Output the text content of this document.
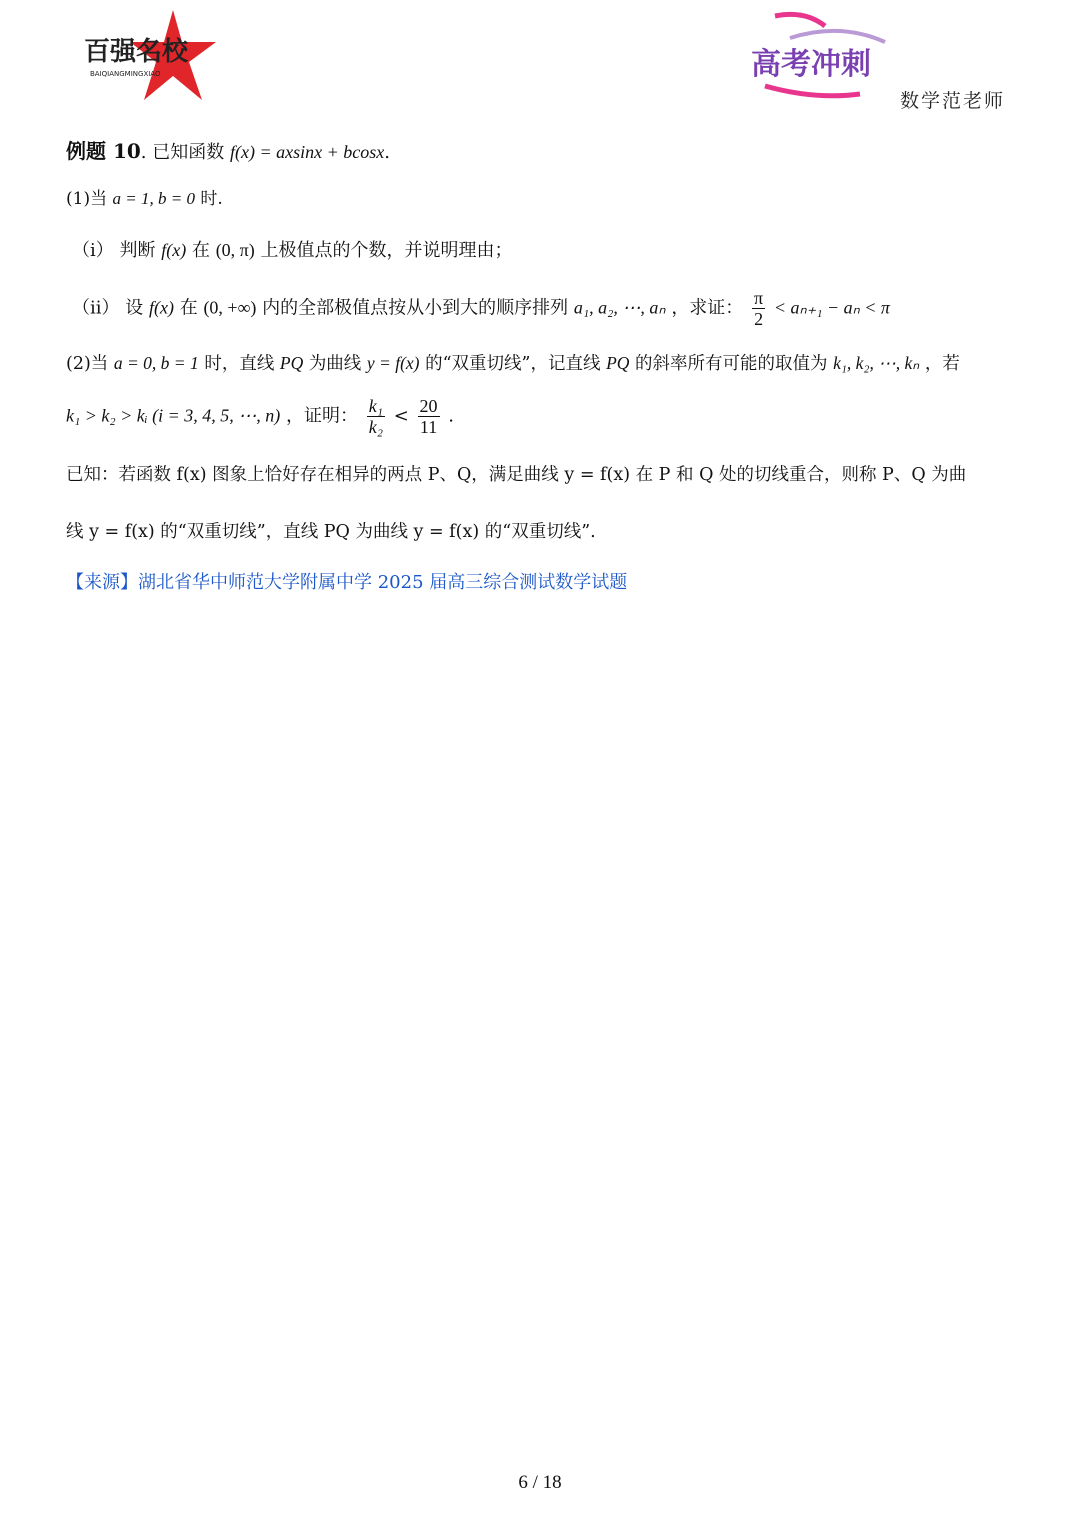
百强名校
BAIQIANGMINGXIAO	高考冲刺
数学范老师
例题 10. 已知函数 f(x) = axsinx + bcosx.
(1)当 a = 1, b = 0 时.
（i） 判断 f(x) 在 (0, π) 上极值点的个数，并说明理由；
（ii） 设 f(x) 在 (0, +∞) 内的全部极值点按从小到大的顺序排列 a₁, a₂, ⋯, aₙ ，求证： $\frac{\pi}{2} < a_{n+1} - a_n < \pi$
(2)当 a = 0, b = 1 时，直线 PQ 为曲线 y = f(x) 的“双重切线”，记直线 PQ 的斜率所有可能的取值为 k₁, k₂, ⋯, kₙ ，若
k₁ > k₂ > kᵢ (i = 3, 4, 5, ⋯, n) ，证明： $\frac{\text{k₁}}{\text{k₂}} < \frac{20}{11}$ .
已知：若函数 f(x) 图象上恰好存在相异的两点 P、Q，满足曲线 y = f(x) 在 P 和 Q 处的切线重合，则称 P、Q 为曲
线 y = f(x) 的“双重切线”，直线 PQ 为曲线 y = f(x) 的“双重切线”.
【来源】湖北省华中师范大学附属中学 2025 届高三综合测试数学试题
6 / 18
